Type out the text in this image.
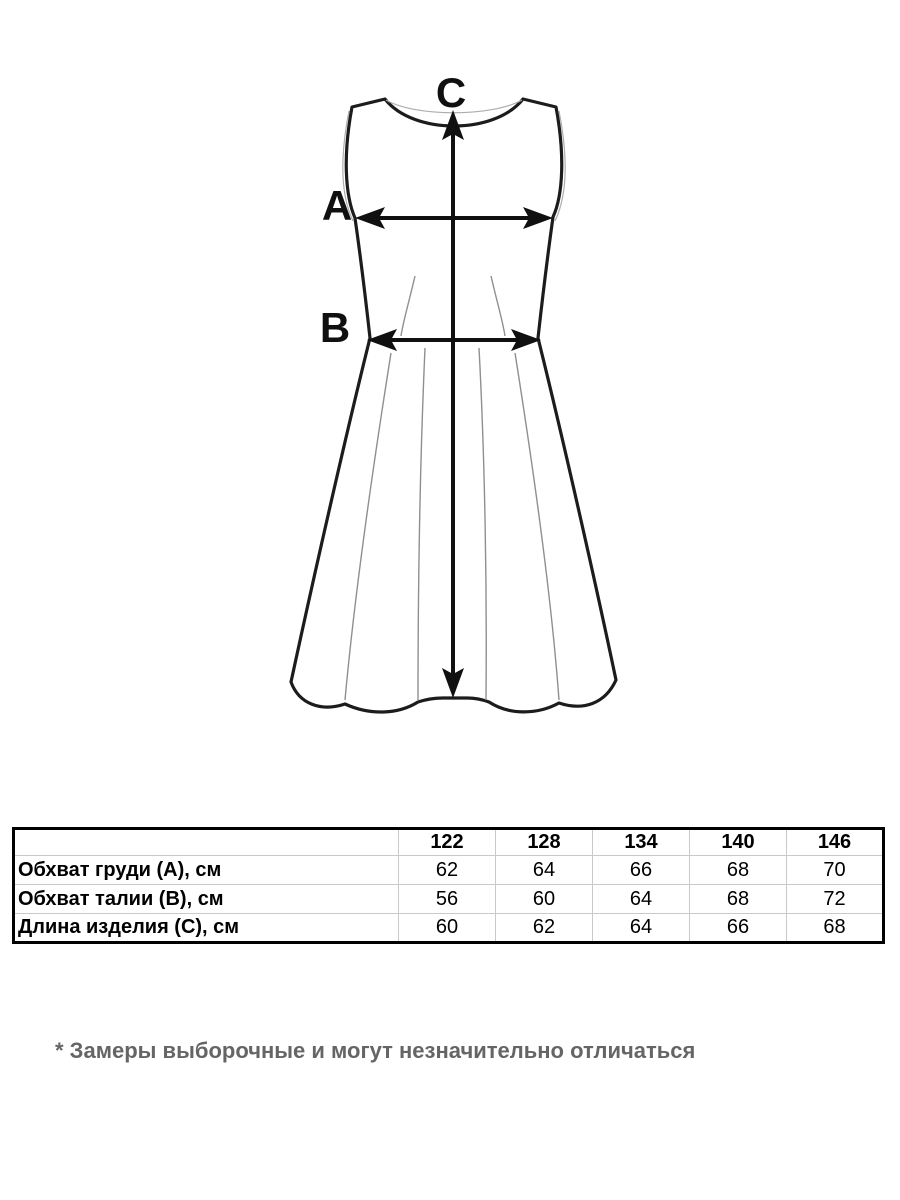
C
A
B
	122	128	134	140	146
Обхват груди (A), см	62	64	66	68	70
Обхват талии (B), см	56	60	64	68	72
Длина изделия (C), см	60	62	64	66	68
* Замеры выборочные и могут незначительно отличаться
